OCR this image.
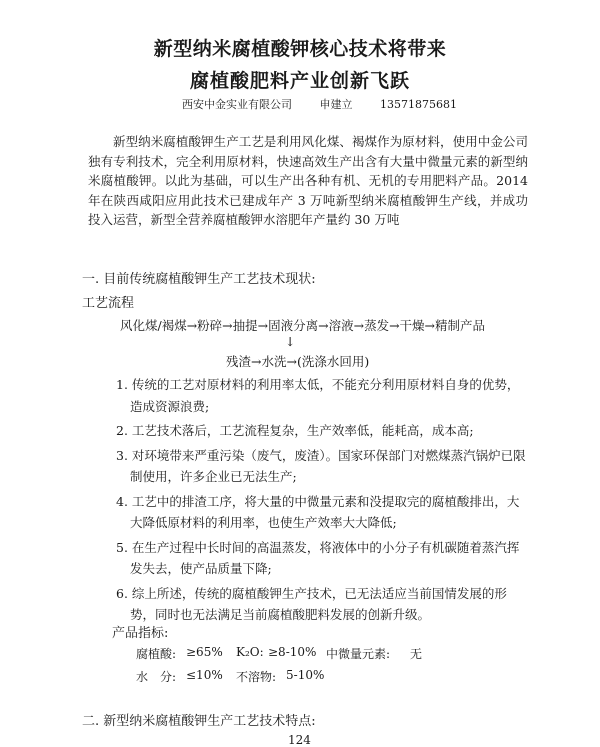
新型纳米腐植酸钾核心技术将带来
腐植酸肥料产业创新飞跃
西安中金实业有限公司	申建立	13571875681

新型纳米腐植酸钾生产工艺是利用风化煤、褐煤作为原材料，使用中金公司独有专利技术，完全利用原材料，快速高效生产出含有大量中微量元素的新型纳米腐植酸钾。以此为基础，可以生产出各种有机、无机的专用肥料产品。2014年在陕西咸阳应用此技术已建成年产 3 万吨新型纳米腐植酸钾生产线，并成功投入运营，新型全营养腐植酸钾水溶肥年产量约 30 万吨

一. 目前传统腐植酸钾生产工艺技术现状:

工艺流程

风化煤/褐煤→粉碎→抽提→固液分离→溶液→蒸发→干燥→精制产品
↓
残渣→水洗→(洗涤水回用)
1. 传统的工艺对原材料的利用率太低，不能充分利用原材料自身的优势，造成资源浪费;
2. 工艺技术落后，工艺流程复杂，生产效率低，能耗高，成本高;
3. 对环境带来严重污染（废气，废渣）。国家环保部门对燃煤蒸汽锅炉已限制使用，许多企业已无法生产;
4. 工艺中的排渣工序，将大量的中微量元素和没提取完的腐植酸排出，大大降低原材料的利用率，也使生产效率大大降低;
5. 在生产过程中长时间的高温蒸发，将液体中的小分子有机碳随着蒸汽挥发失去，使产品质量下降;
6. 综上所述，传统的腐植酸钾生产技术，已无法适应当前国情发展的形势，同时也无法满足当前腐植酸肥料发展的创新升级。
产品指标:
腐植酸: ≥65% K₂O: ≥8-10% 中微量元素: 无
水　分: ≤10% 不溶物: 5-10%

二. 新型纳米腐植酸钾生产工艺技术特点:

124
